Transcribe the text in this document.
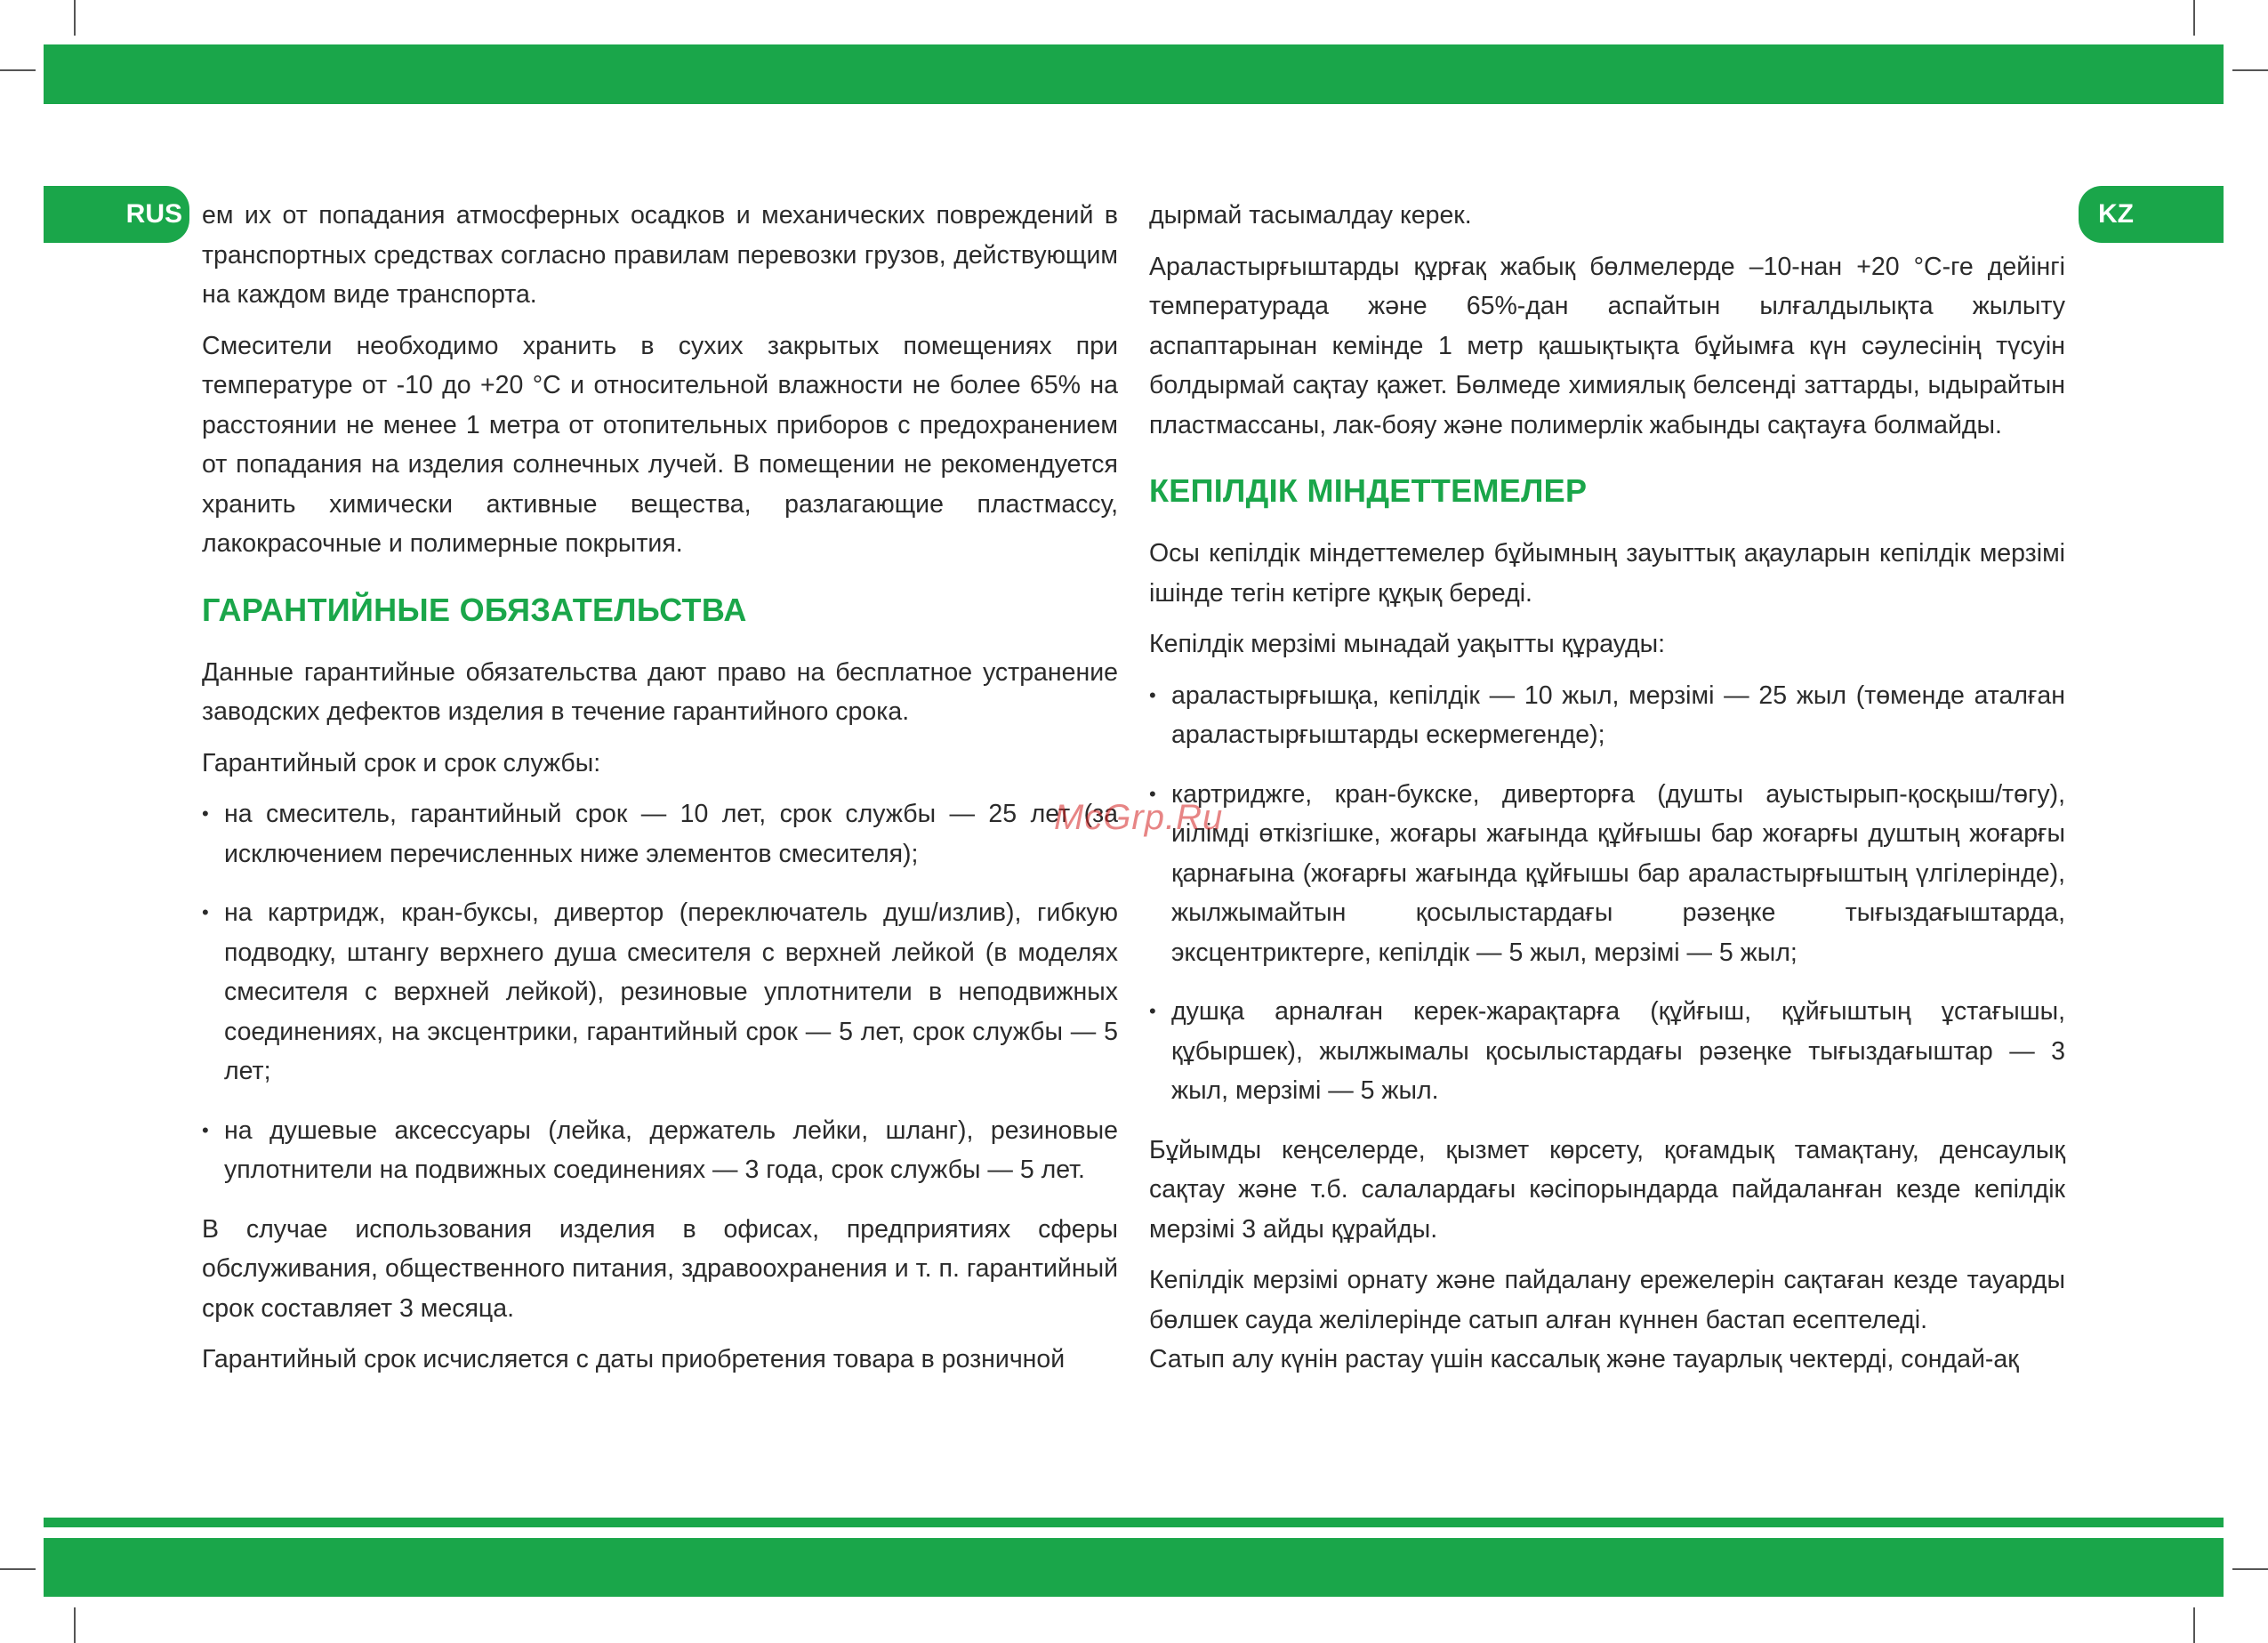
RUS	KZ

ем их от попадания атмосферных осадков и механических повреждений в транспортных средствах согласно правилам перевозки грузов, действующим на каждом виде транспорта.

Смесители необходимо хранить в сухих закрытых помещениях при температуре от -10 до +20 °С и относительной влажности не более 65% на расстоянии не менее 1 метра от отопительных приборов с предохранением от попадания на изделия солнечных лучей. В помещении не рекомендуется хранить химически активные вещества, разлагающие пластмассу, лакокрасочные и полимерные покрытия.

ГАРАНТИЙНЫЕ ОБЯЗАТЕЛЬСТВА

Данные гарантийные обязательства дают право на бесплатное устранение заводских дефектов изделия в течение гарантийного срока.

Гарантийный срок и срок службы:

• на смеситель, гарантийный срок — 10 лет, срок службы — 25 лет (за исключением перечисленных ниже элементов смесителя);
• на картридж, кран-буксы, дивертор (переключатель душ/излив), гибкую подводку, штангу верхнего душа смесителя с верхней лейкой (в моделях смесителя с верхней лейкой), резиновые уплотнители в неподвижных соединениях, на эксцентрики, гарантийный срок — 5 лет, срок службы — 5 лет;
• на душевые аксессуары (лейка, держатель лейки, шланг), резиновые уплотнители на подвижных соединениях — 3 года, срок службы — 5 лет.

В случае использования изделия в офисах, предприятиях сферы обслуживания, общественного питания, здравоохранения и т. п. гарантийный срок составляет 3 месяца.

Гарантийный срок исчисляется с даты приобретения товара в розничной

дырмай тасымалдау керек.

Араластырғыштарды құрғақ жабық бөлмелерде ‒10-нан +20 °С-ге дейінгі температурада және 65%-дан аспайтын ылғалдылықта жылыту аспаптарынан кемінде 1 метр қашықтықта бұйымға күн сәулесінің түсуін болдырмай сақтау қажет. Бөлмеде химиялық белсенді заттарды, ыдырайтын пластмассаны, лак-бояу және полимерлік жабынды сақтауға болмайды.

КЕПІЛДІК МІНДЕТТЕМЕЛЕР

Осы кепілдік міндеттемелер бұйымның зауыттық ақауларын кепілдік мерзімі ішінде тегін кетірге құқық береді.

Кепілдік мерзімі мынадай уақытты құрауды:

• араластырғышқа, кепілдік — 10 жыл, мерзімі — 25 жыл (төменде аталған араластырғыштарды ескермегенде);
• картриджге, кран-букске, диверторға (душты ауыстырып-қосқыш/төгу), иілімді өткізгішке, жоғары жағында құйғышы бар жоғарғы душтың жоғарғы қарнағына (жоғарғы жағында құйғышы бар араластырғыштың үлгілерінде), жылжымайтын қосылыстардағы рәзеңке тығыздағыштарда, эксцентриктерге, кепілдік — 5 жыл, мерзімі — 5 жыл;
• душқа арналған керек-жарақтарға (құйғыш, құйғыштың ұстағышы, құбыршек), жылжымалы қосылыстардағы рәзеңке тығыздағыштар — 3 жыл, мерзімі — 5 жыл.

Бұйымды кеңселерде, қызмет көрсету, қоғамдық тамақтану, денсаулық сақтау және т.б. салалардағы кәсіпорындарда пайдаланған кезде кепілдік мерзімі 3 айды құрайды.

Кепілдік мерзімі орнату және пайдалану ережелерін сақтаған кезде тауарды бөлшек сауда желілерінде сатып алған күннен бастап есептеледі.

Сатып алу күнін растау үшін кассалық және тауарлық чектерді, сондай-ақ

McGrp.Ru
